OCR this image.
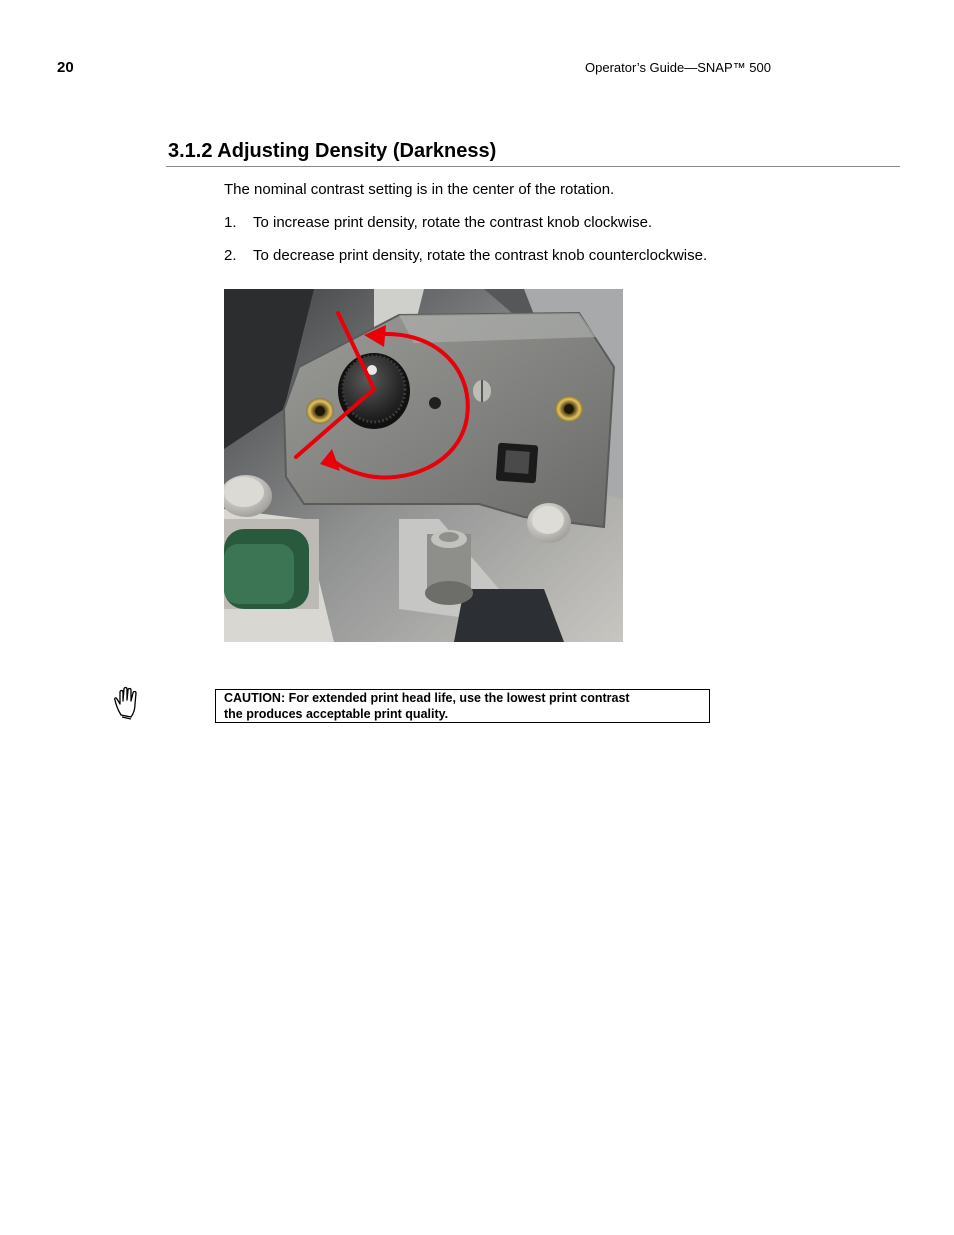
20	Operator’s Guide—SNAP™ 500
3.1.2 Adjusting Density (Darkness)

The nominal contrast setting is in the center of the rotation.

1.	To increase print density, rotate the contrast knob clockwise.
2.	To decrease print density, rotate the contrast knob counterclockwise.
CAUTION: For extended print head life, use the lowest print contrast
the produces acceptable print quality.
